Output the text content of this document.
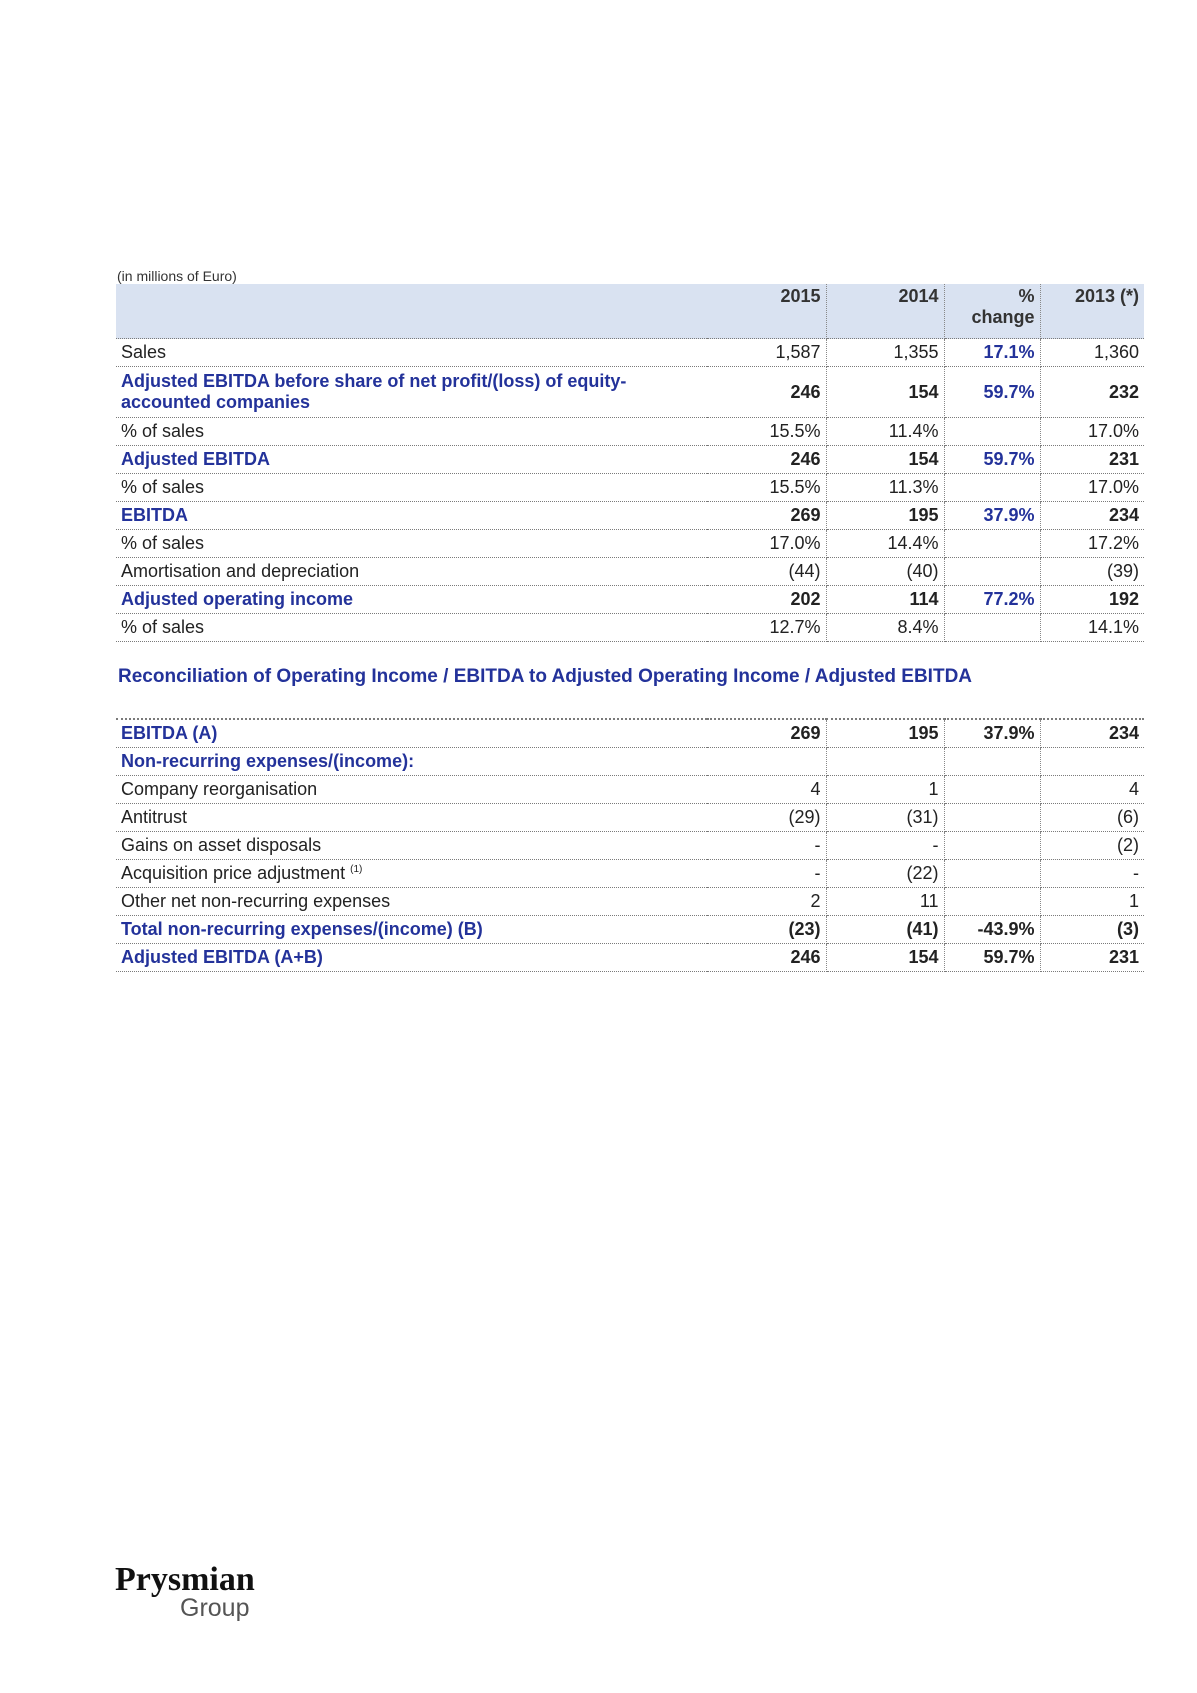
(in millions of Euro)
	2015	2014	%
change	2013 (*)
Sales	1,587	1,355	17.1%	1,360
Adjusted EBITDA before share of net profit/(loss) of equity-accounted companies	246	154	59.7%	232
% of sales	15.5%	11.4%		17.0%
Adjusted EBITDA	246	154	59.7%	231
% of sales	15.5%	11.3%		17.0%
EBITDA	269	195	37.9%	234
% of sales	17.0%	14.4%		17.2%
Amortisation and depreciation	(44)	(40)		(39)
Adjusted operating income	202	114	77.2%	192
% of sales	12.7%	8.4%		14.1%
Reconciliation of Operating Income / EBITDA to Adjusted Operating Income / Adjusted EBITDA
EBITDA (A)	269	195	37.9%	234
Non-recurring expenses/(income):				
Company reorganisation	4	1		4
Antitrust	(29)	(31)		(6)
Gains on asset disposals	-	-		(2)
Acquisition price adjustment $^{(1)}$	-	(22)		-
Other net non-recurring expenses	2	11		1
Total non-recurring expenses/(income) (B)	(23)	(41)	-43.9%	(3)
Adjusted EBITDA (A+B)	246	154	59.7%	231
Prysmian
Group
